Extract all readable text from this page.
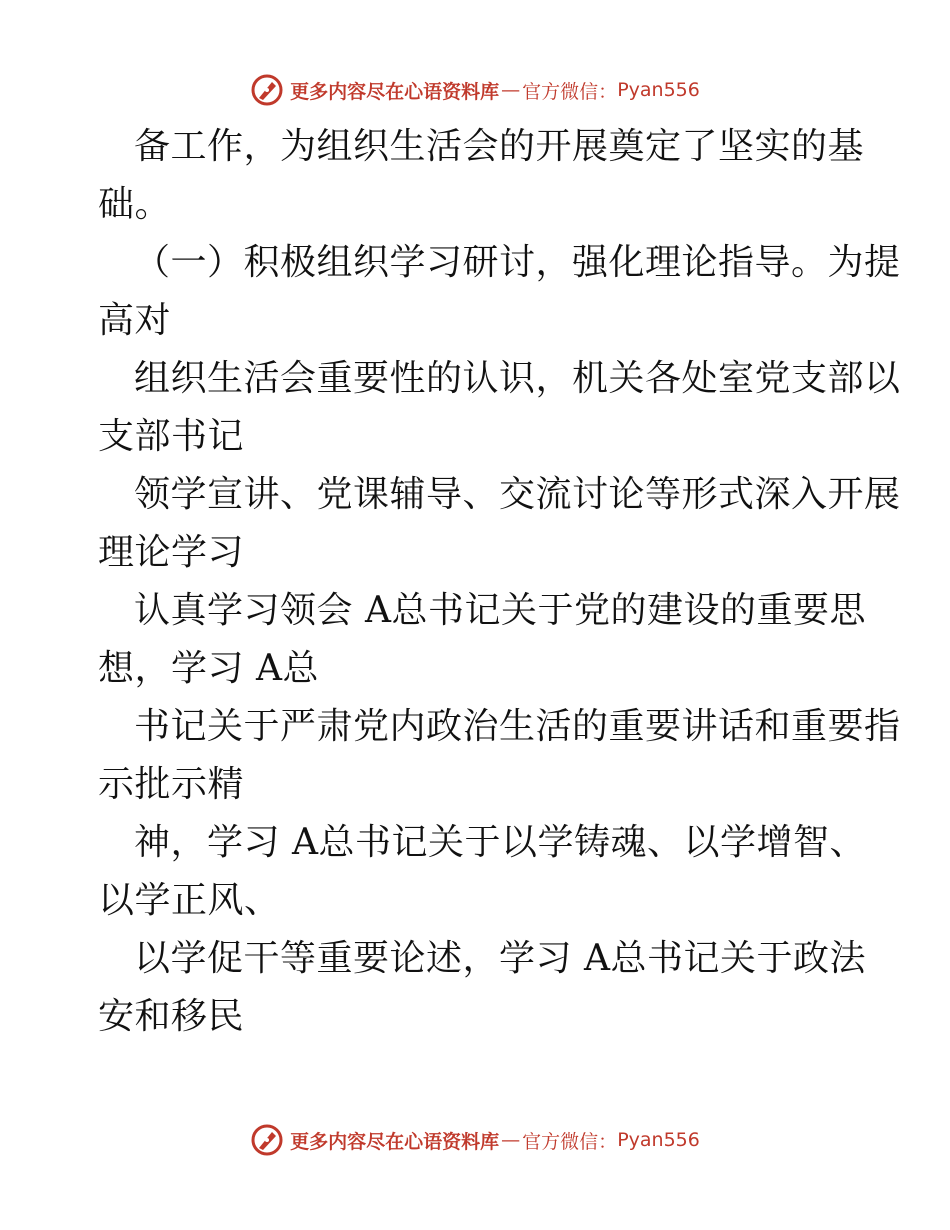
更多内容尽在心语资料库 — 官方微信： Pyan556
备工作，为组织生活会的开展奠定了坚实的基
础。
（一）积极组织学习研讨，强化理论指导。为提
高对
组织生活会重要性的认识，机关各处室党支部以
支部书记
领学宣讲、党课辅导、交流讨论等形式深入开展
理论学习
认真学习领会 A总书记关于党的建设的重要思
想，学习 A总
书记关于严肃党内政治生活的重要讲话和重要指
示批示精
神，学习 A总书记关于以学铸魂、以学增智、
以学正风、
以学促干等重要论述，学习 A总书记关于政法
安和移民
更多内容尽在心语资料库 — 官方微信： Pyan556
